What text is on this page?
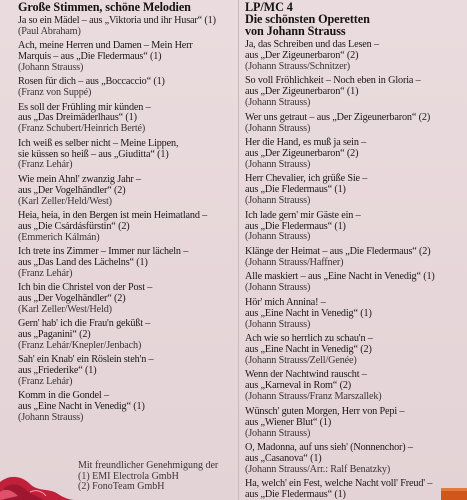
Große Stimmen, schöne Melodien
Ja so ein Mädel – aus „Viktoria und ihr Husar“ (1)
(Paul Abraham)
Ach, meine Herren und Damen – Mein Herr
Marquis – aus „Die Fledermaus“ (1)
(Johann Strauss)
Rosen für dich – aus „Boccaccio“ (1)
(Franz von Suppé)
Es soll der Frühling mir künden –
aus „Das Dreimäderlhaus“ (1)
(Franz Schubert/Heinrich Berté)
Ich weiß es selber nicht – Meine Lippen,
sie küssen so heiß – aus „Giuditta“ (1)
(Franz Lehár)
Wie mein Ahnl' zwanzig Jahr –
aus „Der Vogelhändler“ (2)
(Karl Zeller/Held/West)
Heia, heia, in den Bergen ist mein Heimatland –
aus „Die Csárdásfürstin“ (2)
(Emmerich Kálmán)
Ich trete ins Zimmer – Immer nur lächeln –
aus „Das Land des Lächelns“ (1)
(Franz Lehár)
Ich bin die Christel von der Post –
aus „Der Vogelhändler“ (2)
(Karl Zeller/West/Held)
Gern' hab' ich die Frau'n geküßt –
aus „Paganini“ (2)
(Franz Lehár/Knepler/Jenbach)
Sah' ein Knab' ein Röslein steh'n –
aus „Friederike“ (1)
(Franz Lehár)
Komm in die Gondel –
aus „Eine Nacht in Venedig“ (1)
(Johann Strauss)
LP/MC 4
Die schönsten Operetten
von Johann Strauss
Ja, das Schreiben und das Lesen –
aus „Der Zigeunerbaron“ (2)
(Johann Strauss/Schnitzer)
So voll Fröhlichkeit – Noch eben in Gloria –
aus „Der Zigeunerbaron“ (1)
(Johann Strauss)
Wer uns getraut – aus „Der Zigeunerbaron“ (2)
(Johann Strauss)
Her die Hand, es muß ja sein –
aus „Der Zigeunerbaron“ (2)
(Johann Strauss)
Herr Chevalier, ich grüße Sie –
aus „Die Fledermaus“ (1)
(Johann Strauss)
Ich lade gern' mir Gäste ein –
aus „Die Fledermaus“ (1)
(Johann Strauss)
Klänge der Heimat – aus „Die Fledermaus“ (2)
(Johann Strauss/Haffner)
Alle maskiert – aus „Eine Nacht in Venedig“ (1)
(Johann Strauss)
Hör' mich Annina! –
aus „Eine Nacht in Venedig“ (1)
(Johann Strauss)
Ach wie so herrlich zu schau'n –
aus „Eine Nacht in Venedig“ (2)
(Johann Strauss/Zell/Genée)
Wenn der Nachtwind rauscht –
aus „Karneval in Rom“ (2)
(Johann Strauss/Franz Marszallek)
Wünsch' guten Morgen, Herr von Pepi –
aus „Wiener Blut“ (1)
(Johann Strauss)
O, Madonna, auf uns sieh' (Nonnenchor) –
aus „Casanova“ (1)
(Johann Strauss/Arr.: Ralf Benatzky)
Ha, welch' ein Fest, welche Nacht voll' Freud' –
aus „Die Fledermaus“ (1)
Mit freundlicher Genehmigung der
(1) EMI Electrola GmbH
(2) FonoTeam GmbH
